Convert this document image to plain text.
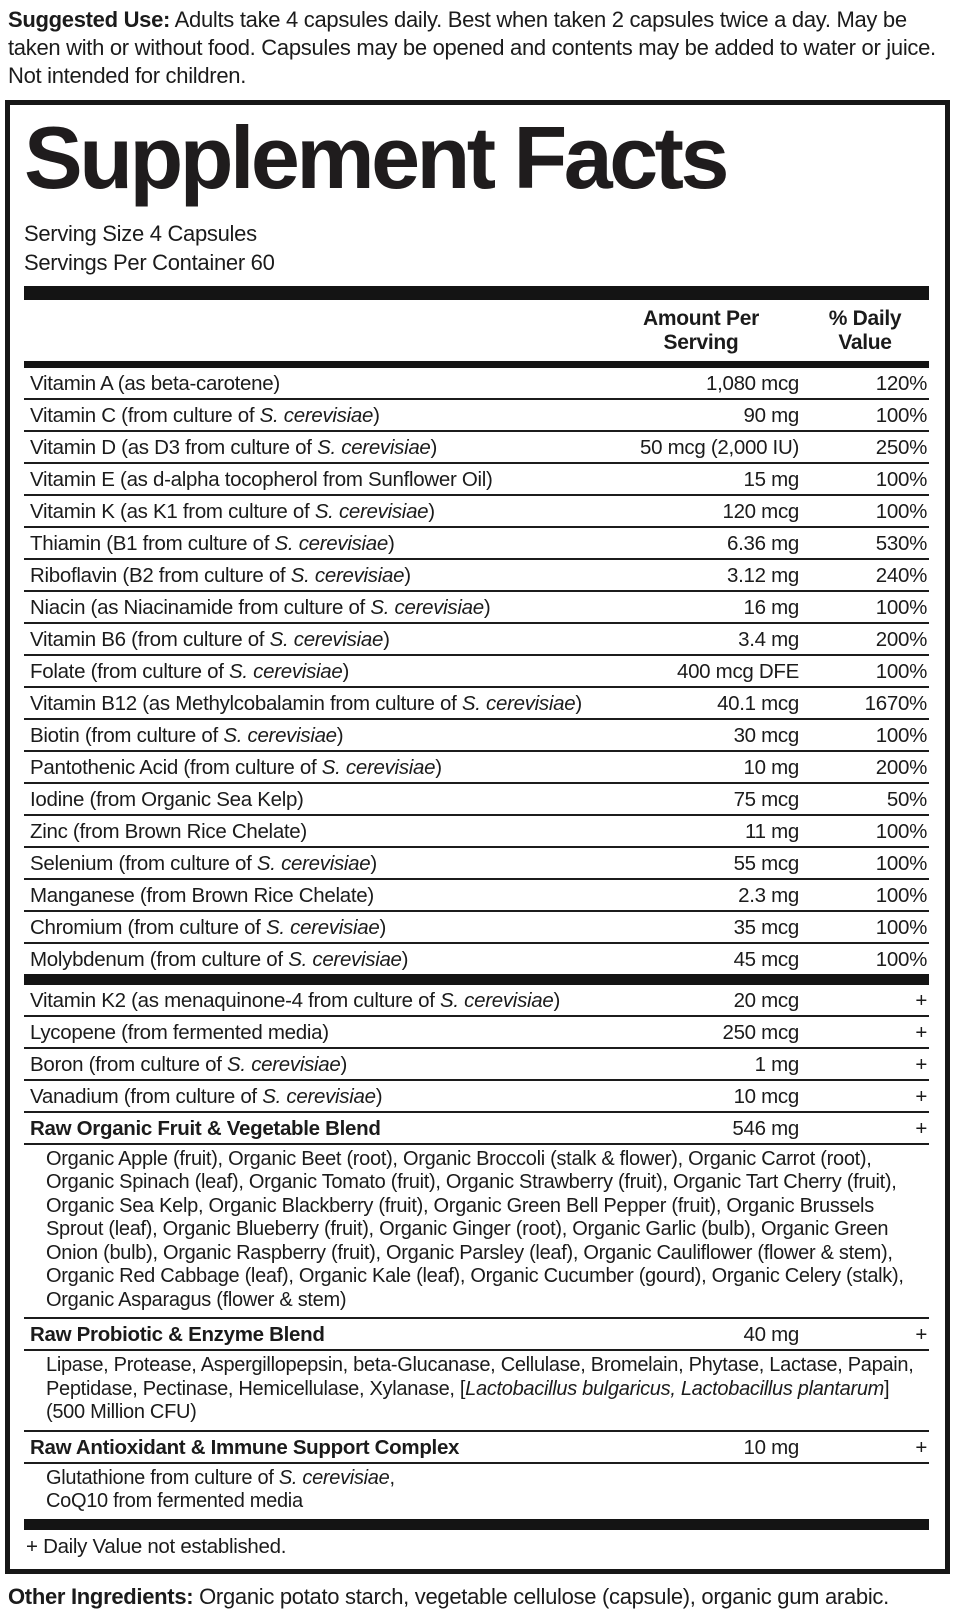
Suggested Use: Adults take 4 capsules daily. Best when taken 2 capsules twice a day. May be taken with or without food. Capsules may be opened and contents may be added to water or juice. Not intended for children.
Supplement Facts
Serving Size 4 Capsules
Servings Per Container 60
Amount Per
Serving
% Daily
Value
Vitamin A (as beta-carotene)	1,080 mcg	120%
Vitamin C (from culture of S. cerevisiae)	90 mg	100%
Vitamin D (as D3 from culture of S. cerevisiae)	50 mcg (2,000 IU)	250%
Vitamin E (as d-alpha tocopherol from Sunflower Oil)	15 mg	100%
Vitamin K (as K1 from culture of S. cerevisiae)	120 mcg	100%
Thiamin (B1 from culture of S. cerevisiae)	6.36 mg	530%
Riboflavin (B2 from culture of S. cerevisiae)	3.12 mg	240%
Niacin (as Niacinamide from culture of S. cerevisiae)	16 mg	100%
Vitamin B6 (from culture of S. cerevisiae)	3.4 mg	200%
Folate (from culture of S. cerevisiae)	400 mcg DFE	100%
Vitamin B12 (as Methylcobalamin from culture of S. cerevisiae)	40.1 mcg	1670%
Biotin (from culture of S. cerevisiae)	30 mcg	100%
Pantothenic Acid (from culture of S. cerevisiae)	10 mg	200%
Iodine (from Organic Sea Kelp)	75 mcg	50%
Zinc (from Brown Rice Chelate)	11 mg	100%
Selenium (from culture of S. cerevisiae)	55 mcg	100%
Manganese (from Brown Rice Chelate)	2.3 mg	100%
Chromium (from culture of S. cerevisiae)	35 mcg	100%
Molybdenum (from culture of S. cerevisiae)	45 mcg	100%
Vitamin K2 (as menaquinone-4 from culture of S. cerevisiae)	20 mcg	+
Lycopene (from fermented media)	250 mcg	+
Boron (from culture of S. cerevisiae)	1 mg	+
Vanadium (from culture of S. cerevisiae)	10 mcg	+
Raw Organic Fruit & Vegetable Blend	546 mg	+
Organic Apple (fruit), Organic Beet (root), Organic Broccoli (stalk & flower), Organic Carrot (root), Organic Spinach (leaf), Organic Tomato (fruit), Organic Strawberry (fruit), Organic Tart Cherry (fruit), Organic Sea Kelp, Organic Blackberry (fruit), Organic Green Bell Pepper (fruit), Organic Brussels Sprout (leaf), Organic Blueberry (fruit), Organic Ginger (root), Organic Garlic (bulb), Organic Green Onion (bulb), Organic Raspberry (fruit), Organic Parsley (leaf), Organic Cauliflower (flower & stem), Organic Red Cabbage (leaf), Organic Kale (leaf), Organic Cucumber (gourd), Organic Celery (stalk), Organic Asparagus (flower & stem)
Raw Probiotic & Enzyme Blend	40 mg	+
Lipase, Protease, Aspergillopepsin, beta-Glucanase, Cellulase, Bromelain, Phytase, Lactase, Papain, Peptidase, Pectinase, Hemicellulase, Xylanase, [Lactobacillus bulgaricus, Lactobacillus plantarum] (500 Million CFU)
Raw Antioxidant & Immune Support Complex	10 mg	+
Glutathione from culture of S. cerevisiae,
CoQ10 from fermented media
+ Daily Value not established.
Other Ingredients: Organic potato starch, vegetable cellulose (capsule), organic gum arabic.
